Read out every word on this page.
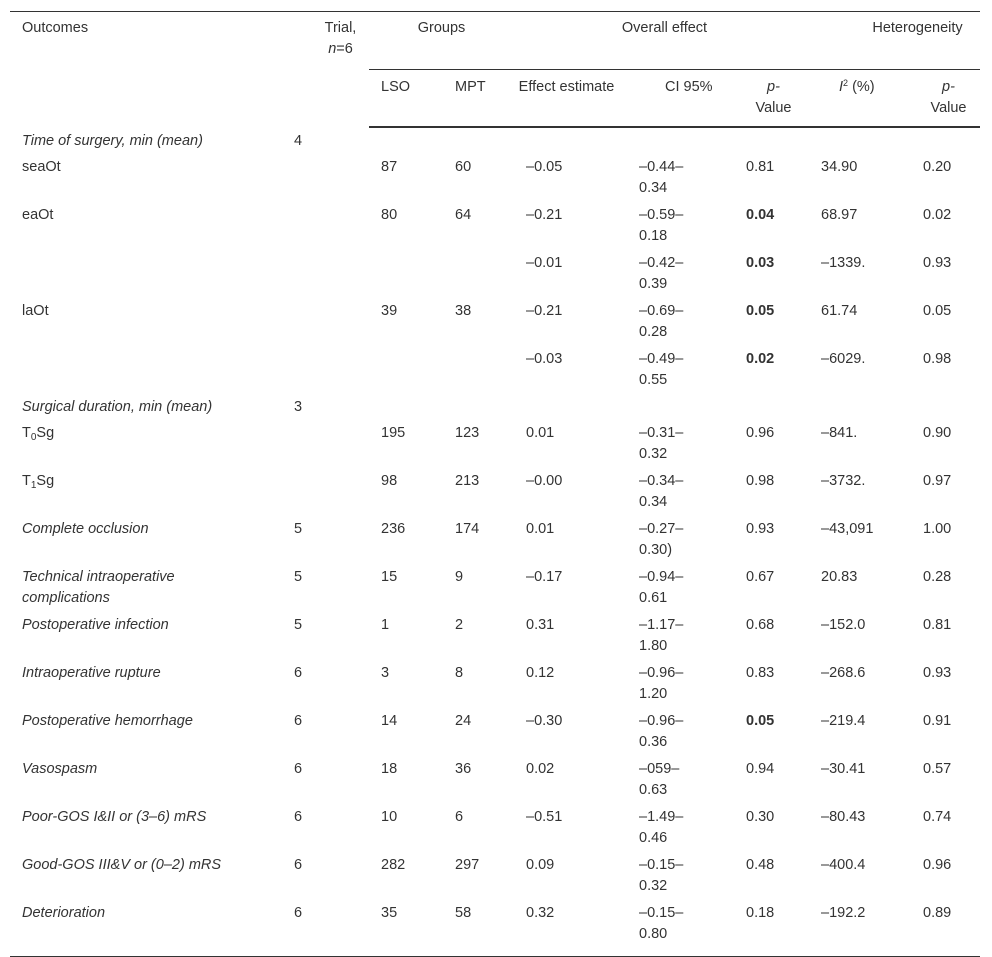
Outcomes	Trial,
n=6	Groups		Overall effect			Heterogeneity	
		LSO	MPT	Effect estimate	CI 95%	p-
Value	$I^2$ (%)	p-
Value
Time of surgery, min (mean)	4							
seaOt		87	60	–0.05	–0.44–
0.34	0.81	34.90	0.20
eaOt		80	64	–0.21	–0.59–
0.18	0.04	68.97	0.02
				–0.01	–0.42–
0.39	0.03	–1339.	0.93
laOt		39	38	–0.21	–0.69–
0.28	0.05	61.74	0.05
				–0.03	–0.49–
0.55	0.02	–6029.	0.98
Surgical duration, min (mean)	3							
$T_0Sg$		195	123	0.01	–0.31–
0.32	0.96	–841.	0.90
$T_1Sg$		98	213	–0.00	–0.34–
0.34	0.98	–3732.	0.97
Complete occlusion	5	236	174	0.01	–0.27–
0.30)	0.93	–43,091	1.00
Technical intraoperative complications	5	15	9	–0.17	–0.94–
0.61	0.67	20.83	0.28
Postoperative infection	5	1	2	0.31	–1.17–
1.80	0.68	–152.0	0.81
Intraoperative rupture	6	3	8	0.12	–0.96–
1.20	0.83	–268.6	0.93
Postoperative hemorrhage	6	14	24	–0.30	–0.96–
0.36	0.05	–219.4	0.91
Vasospasm	6	18	36	0.02	–059–
0.63	0.94	–30.41	0.57
Poor-GOS I&II or (3–6) mRS	6	10	6	–0.51	–1.49–
0.46	0.30	–80.43	0.74
Good-GOS III&V or (0–2) mRS	6	282	297	0.09	–0.15–
0.32	0.48	–400.4	0.96
Deterioration	6	35	58	0.32	–0.15–
0.80	0.18	–192.2	0.89
